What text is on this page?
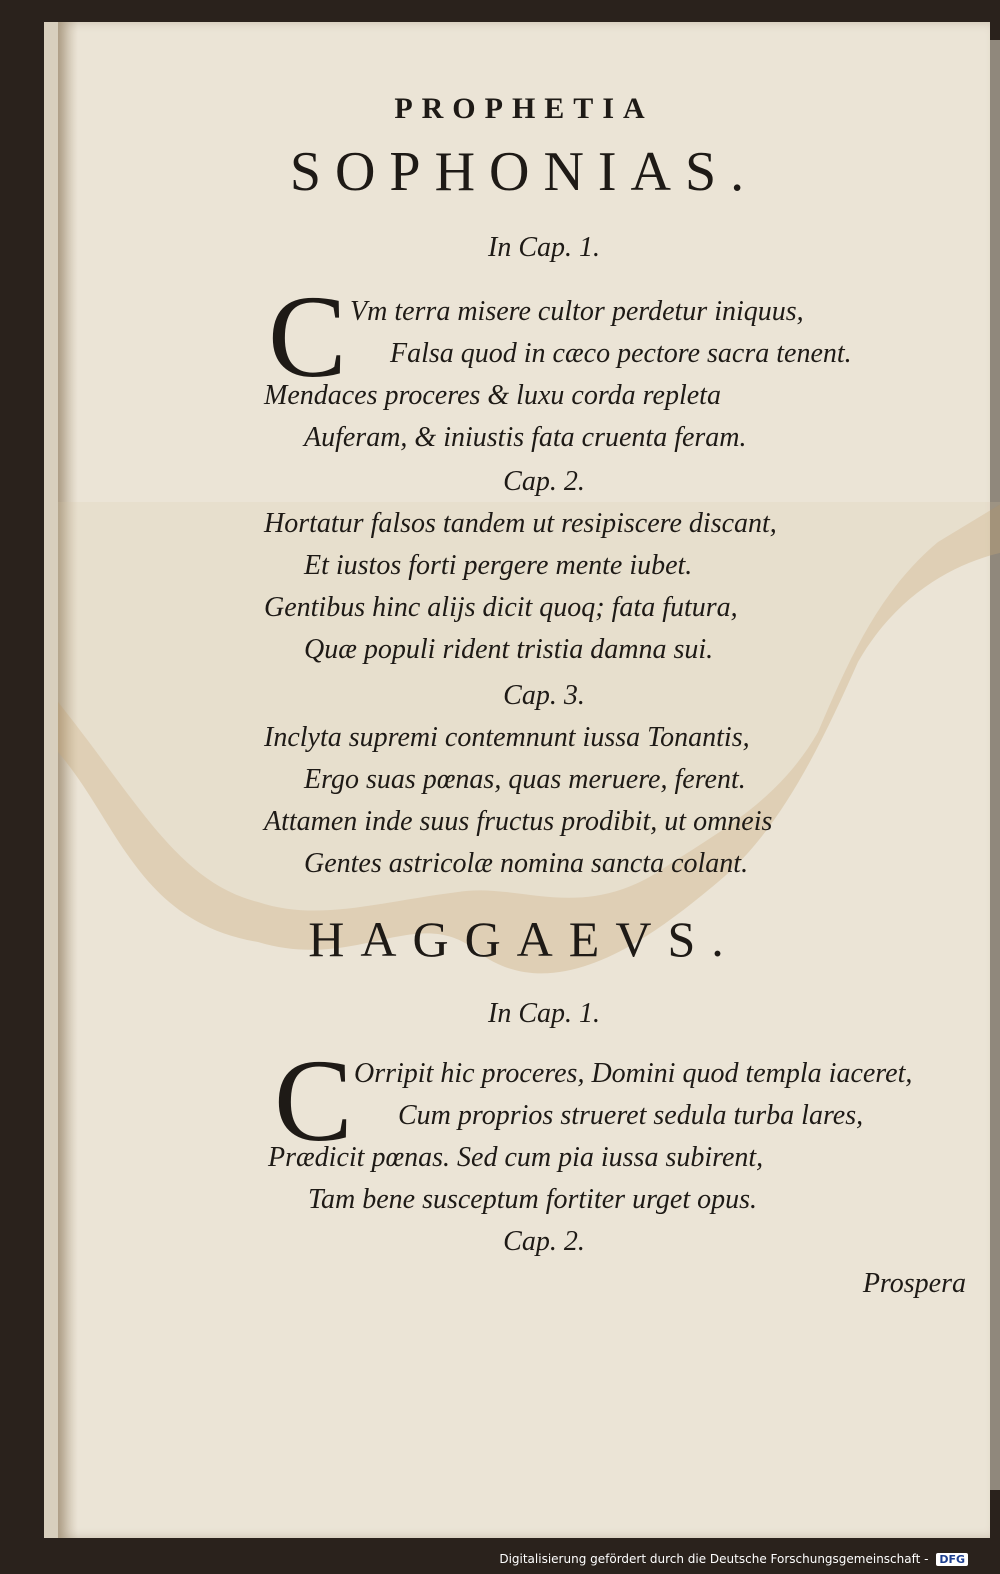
PROPHETIA
SOPHONIAS.
In Cap. 1.
C Vm terra misere cultor perdetur iniquus,
Falsa quod in cæco pectore sacra tenent.
Mendaces proceres & luxu corda repleta
Auferam, & iniustis fata cruenta feram.
Cap. 2.
Hortatur falsos tandem ut resipiscere discant,
Et iustos forti pergere mente iubet.
Gentibus hinc alijs dicit quoq; fata futura,
Quæ populi rident tristia damna sui.
Cap. 3.
Inclyta supremi contemnunt iussa Tonantis,
Ergo suas pœnas, quas meruere, ferent.
Attamen inde suus fructus prodibit, ut omneis
Gentes astricolæ nomina sancta colant.
HAGGAEVS.
In Cap. 1.
C Orripit hic proceres, Domini quod templa iaceret,
Cum proprios strueret sedula turba lares,
Prædicit pœnas. Sed cum pia iussa subirent,
Tam bene susceptum fortiter urget opus.
Cap. 2.
Prospera
Digitalisierung gefördert durch die Deutsche Forschungsgemeinschaft - DFG
